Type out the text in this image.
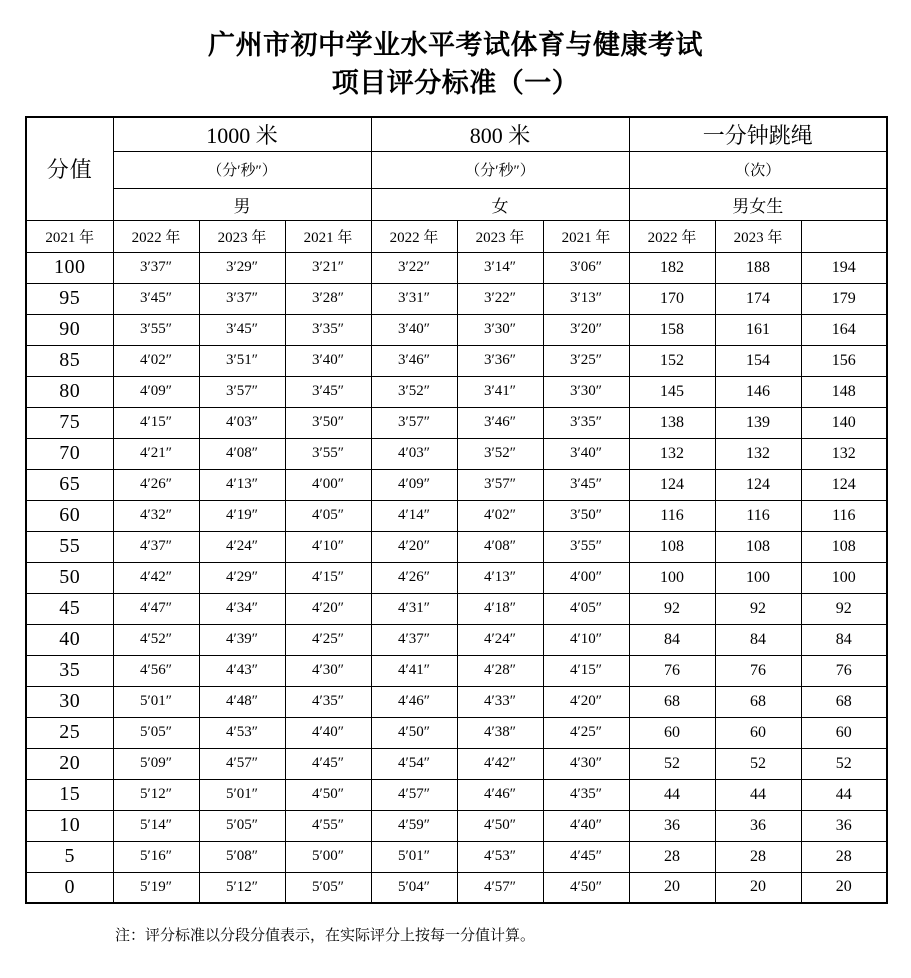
广州市初中学业水平考试体育与健康考试
项目评分标准（一）
分值	1000 米			800 米			一分钟跳绳		
	（分′秒″）			（分′秒″）			（次）		
	男			女			男女生		
2021 年	2022 年	2023 年	2021 年	2022 年	2023 年	2021 年	2022 年	2023 年	
100	3′37″	3′29″	3′21″	3′22″	3′14″	3′06″	182	188	194
95	3′45″	3′37″	3′28″	3′31″	3′22″	3′13″	170	174	179
90	3′55″	3′45″	3′35″	3′40″	3′30″	3′20″	158	161	164
85	4′02″	3′51″	3′40″	3′46″	3′36″	3′25″	152	154	156
80	4′09″	3′57″	3′45″	3′52″	3′41″	3′30″	145	146	148
75	4′15″	4′03″	3′50″	3′57″	3′46″	3′35″	138	139	140
70	4′21″	4′08″	3′55″	4′03″	3′52″	3′40″	132	132	132
65	4′26″	4′13″	4′00″	4′09″	3′57″	3′45″	124	124	124
60	4′32″	4′19″	4′05″	4′14″	4′02″	3′50″	116	116	116
55	4′37″	4′24″	4′10″	4′20″	4′08″	3′55″	108	108	108
50	4′42″	4′29″	4′15″	4′26″	4′13″	4′00″	100	100	100
45	4′47″	4′34″	4′20″	4′31″	4′18″	4′05″	92	92	92
40	4′52″	4′39″	4′25″	4′37″	4′24″	4′10″	84	84	84
35	4′56″	4′43″	4′30″	4′41″	4′28″	4′15″	76	76	76
30	5′01″	4′48″	4′35″	4′46″	4′33″	4′20″	68	68	68
25	5′05″	4′53″	4′40″	4′50″	4′38″	4′25″	60	60	60
20	5′09″	4′57″	4′45″	4′54″	4′42″	4′30″	52	52	52
15	5′12″	5′01″	4′50″	4′57″	4′46″	4′35″	44	44	44
10	5′14″	5′05″	4′55″	4′59″	4′50″	4′40″	36	36	36
5	5′16″	5′08″	5′00″	5′01″	4′53″	4′45″	28	28	28
0	5′19″	5′12″	5′05″	5′04″	4′57″	4′50″	20	20	20
注：评分标准以分段分值表示，在实际评分上按每一分值计算。
